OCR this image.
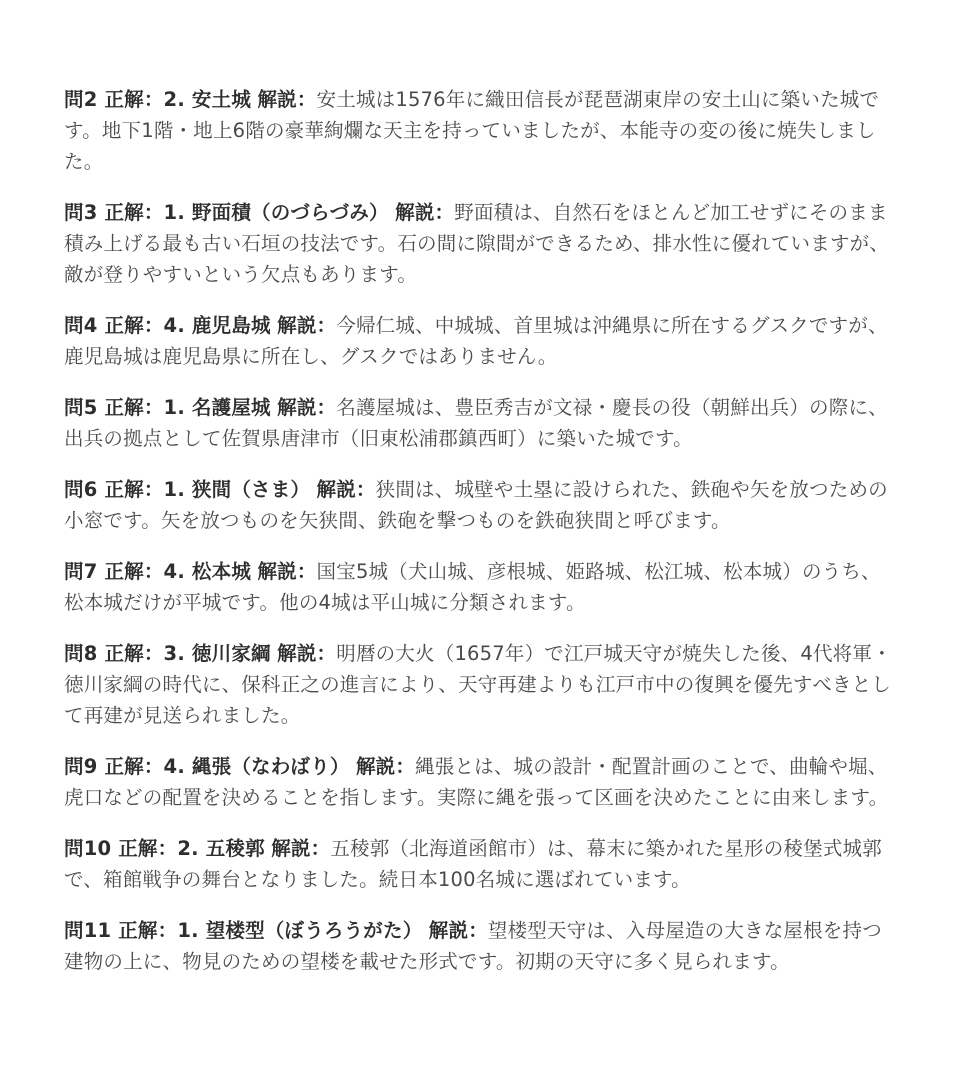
問2 正解：2. 安土城 解説：安土城は1576年に織田信長が琵琶湖東岸の安土山に築いた城です。地下1階・地上6階の豪華絢爛な天主を持っていましたが、本能寺の変の後に焼失しました。

問3 正解：1. 野面積（のづらづみ） 解説：野面積は、自然石をほとんど加工せずにそのまま積み上げる最も古い石垣の技法です。石の間に隙間ができるため、排水性に優れていますが、敵が登りやすいという欠点もあります。

問4 正解：4. 鹿児島城 解説：今帰仁城、中城城、首里城は沖縄県に所在するグスクですが、鹿児島城は鹿児島県に所在し、グスクではありません。

問5 正解：1. 名護屋城 解説：名護屋城は、豊臣秀吉が文禄・慶長の役（朝鮮出兵）の際に、出兵の拠点として佐賀県唐津市（旧東松浦郡鎮西町）に築いた城です。

問6 正解：1. 狭間（さま） 解説：狭間は、城壁や土塁に設けられた、鉄砲や矢を放つための小窓です。矢を放つものを矢狭間、鉄砲を撃つものを鉄砲狭間と呼びます。

問7 正解：4. 松本城 解説：国宝5城（犬山城、彦根城、姫路城、松江城、松本城）のうち、松本城だけが平城です。他の4城は平山城に分類されます。

問8 正解：3. 徳川家綱 解説：明暦の大火（1657年）で江戸城天守が焼失した後、4代将軍・徳川家綱の時代に、保科正之の進言により、天守再建よりも江戸市中の復興を優先すべきとして再建が見送られました。

問9 正解：4. 縄張（なわばり） 解説：縄張とは、城の設計・配置計画のことで、曲輪や堀、虎口などの配置を決めることを指します。実際に縄を張って区画を決めたことに由来します。

問10 正解：2. 五稜郭 解説：五稜郭（北海道函館市）は、幕末に築かれた星形の稜堡式城郭で、箱館戦争の舞台となりました。続日本100名城に選ばれています。

問11 正解：1. 望楼型（ぼうろうがた） 解説：望楼型天守は、入母屋造の大きな屋根を持つ建物の上に、物見のための望楼を載せた形式です。初期の天守に多く見られます。
